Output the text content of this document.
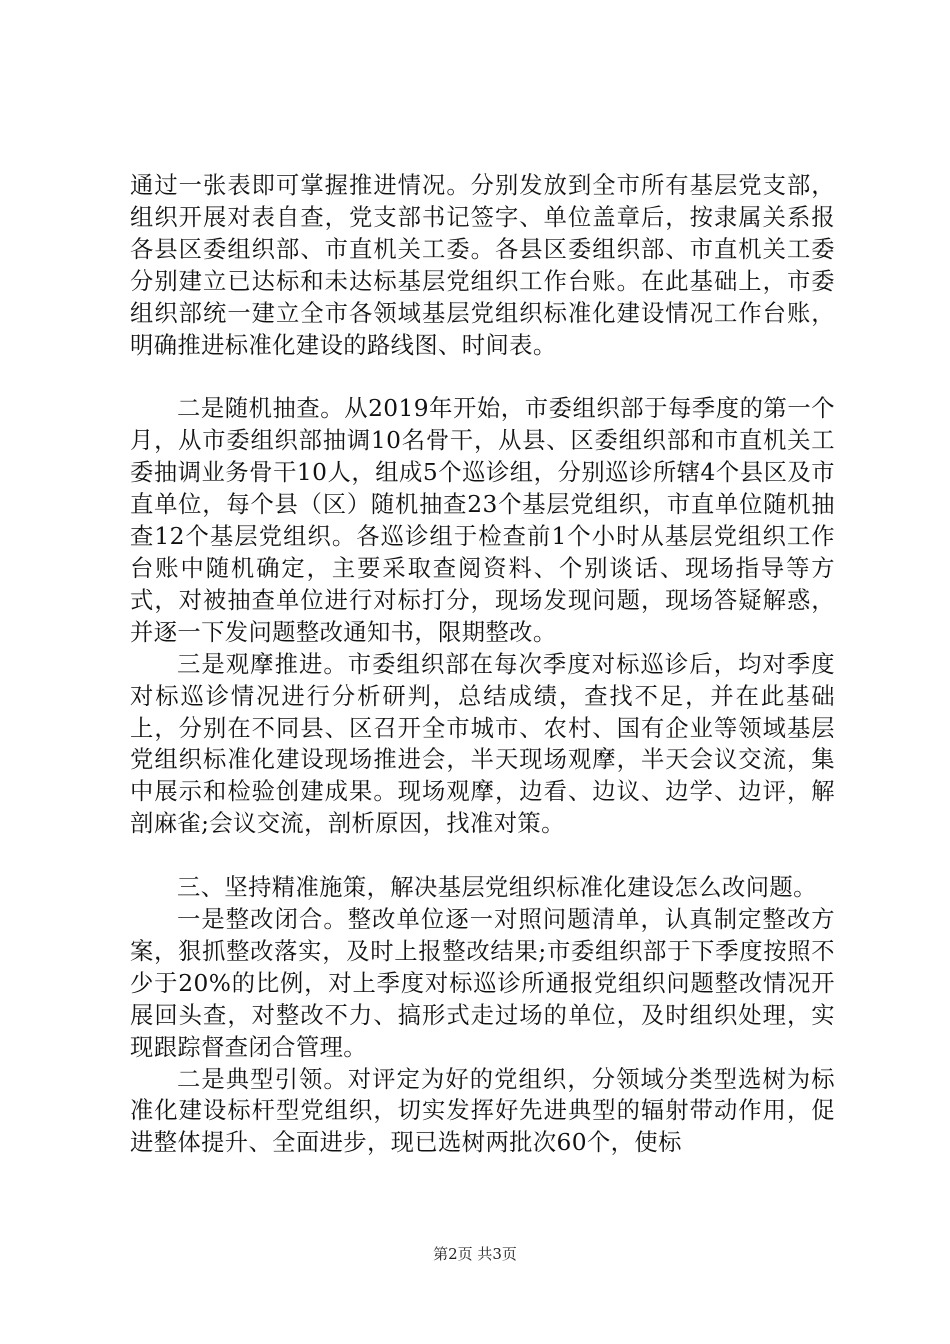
通过一张表即可掌握推进情况。分别发放到全市所有基层党支部，组织开展对表自查，党支部书记签字、单位盖章后，按隶属关系报各县区委组织部、市直机关工委。各县区委组织部、市直机关工委分别建立已达标和未达标基层党组织工作台账。在此基础上，市委组织部统一建立全市各领域基层党组织标准化建设情况工作台账，明确推进标准化建设的路线图、时间表。

二是随机抽查。从2019年开始，市委组织部于每季度的第一个月，从市委组织部抽调10名骨干，从县、区委组织部和市直机关工委抽调业务骨干10人，组成5个巡诊组，分别巡诊所辖4个县区及市直单位，每个县（区）随机抽查23个基层党组织，市直单位随机抽查12个基层党组织。各巡诊组于检查前1个小时从基层党组织工作台账中随机确定，主要采取查阅资料、个别谈话、现场指导等方式，对被抽查单位进行对标打分，现场发现问题，现场答疑解惑，并逐一下发问题整改通知书，限期整改。

三是观摩推进。市委组织部在每次季度对标巡诊后，均对季度对标巡诊情况进行分析研判，总结成绩，查找不足，并在此基础上，分别在不同县、区召开全市城市、农村、国有企业等领域基层党组织标准化建设现场推进会，半天现场观摩，半天会议交流，集中展示和检验创建成果。现场观摩，边看、边议、边学、边评，解剖麻雀;会议交流，剖析原因，找准对策。

三、坚持精准施策，解决基层党组织标准化建设怎么改问题。

一是整改闭合。整改单位逐一对照问题清单，认真制定整改方案，狠抓整改落实，及时上报整改结果;市委组织部于下季度按照不少于20%的比例，对上季度对标巡诊所通报党组织问题整改情况开展回头查，对整改不力、搞形式走过场的单位，及时组织处理，实现跟踪督查闭合管理。

二是典型引领。对评定为好的党组织，分领域分类型选树为标准化建设标杆型党组织，切实发挥好先进典型的辐射带动作用，促进整体提升、全面进步，现已选树两批次60个，使标

第2页 共3页
